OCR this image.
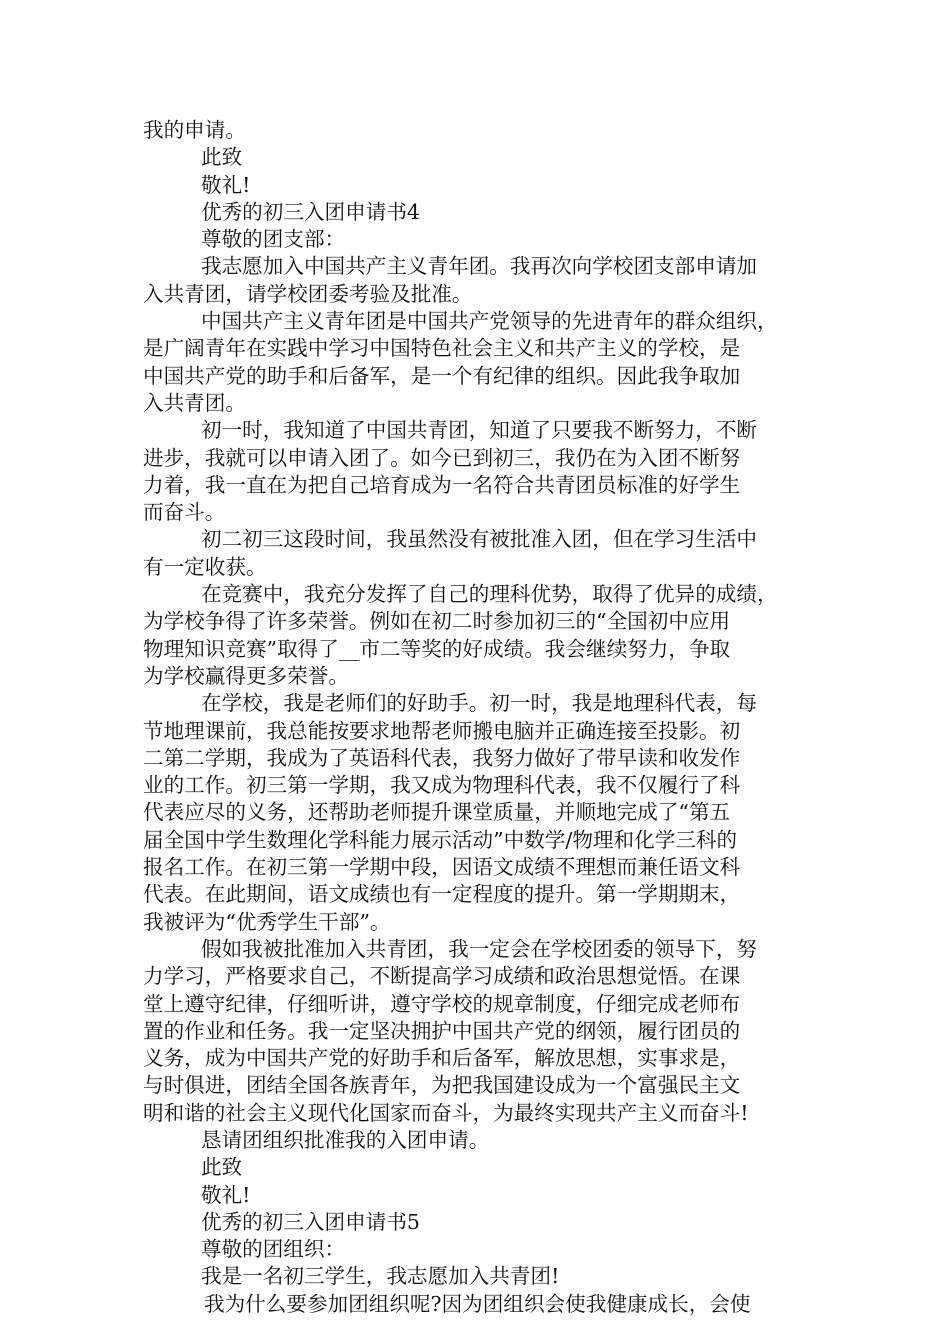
我的申请。

此致

敬礼!

优秀的初三入团申请书4

尊敬的团支部：

我志愿加入中国共产主义青年团。我再次向学校团支部申请加

入共青团，请学校团委考验及批准。

中国共产主义青年团是中国共产党领导的先进青年的群众组织，

是广阔青年在实践中学习中国特色社会主义和共产主义的学校，是

中国共产党的助手和后备军，是一个有纪律的组织。因此我争取加

入共青团。

初一时，我知道了中国共青团，知道了只要我不断努力，不断

进步，我就可以申请入团了。如今已到初三，我仍在为入团不断努

力着，我一直在为把自己培育成为一名符合共青团员标准的好学生

而奋斗。

初二初三这段时间，我虽然没有被批准入团，但在学习生活中

有一定收获。

在竞赛中，我充分发挥了自己的理科优势，取得了优异的成绩，

为学校争得了许多荣誉。例如在初二时参加初三的“全国初中应用

物理知识竞赛”取得了__市二等奖的好成绩。我会继续努力，争取

为学校赢得更多荣誉。

在学校，我是老师们的好助手。初一时，我是地理科代表，每

节地理课前，我总能按要求地帮老师搬电脑并正确连接至投影。初

二第二学期，我成为了英语科代表，我努力做好了带早读和收发作

业的工作。初三第一学期，我又成为物理科代表，我不仅履行了科

代表应尽的义务，还帮助老师提升课堂质量，并顺地完成了“第五

届全国中学生数理化学科能力展示活动”中数学/物理和化学三科的

报名工作。在初三第一学期中段，因语文成绩不理想而兼任语文科

代表。在此期间，语文成绩也有一定程度的提升。第一学期期末，

我被评为“优秀学生干部”。

假如我被批准加入共青团，我一定会在学校团委的领导下，努

力学习，严格要求自己，不断提高学习成绩和政治思想觉悟。在课

堂上遵守纪律，仔细听讲，遵守学校的规章制度，仔细完成老师布

置的作业和任务。我一定坚决拥护中国共产党的纲领，履行团员的

义务，成为中国共产党的好助手和后备军，解放思想，实事求是，

与时俱进，团结全国各族青年，为把我国建设成为一个富强民主文

明和谐的社会主义现代化国家而奋斗，为最终实现共产主义而奋斗!

恳请团组织批准我的入团申请。

此致

敬礼!

优秀的初三入团申请书5

尊敬的团组织：

我是一名初三学生，我志愿加入共青团!

我为什么要参加团组织呢?因为团组织会使我健康成长，会使
